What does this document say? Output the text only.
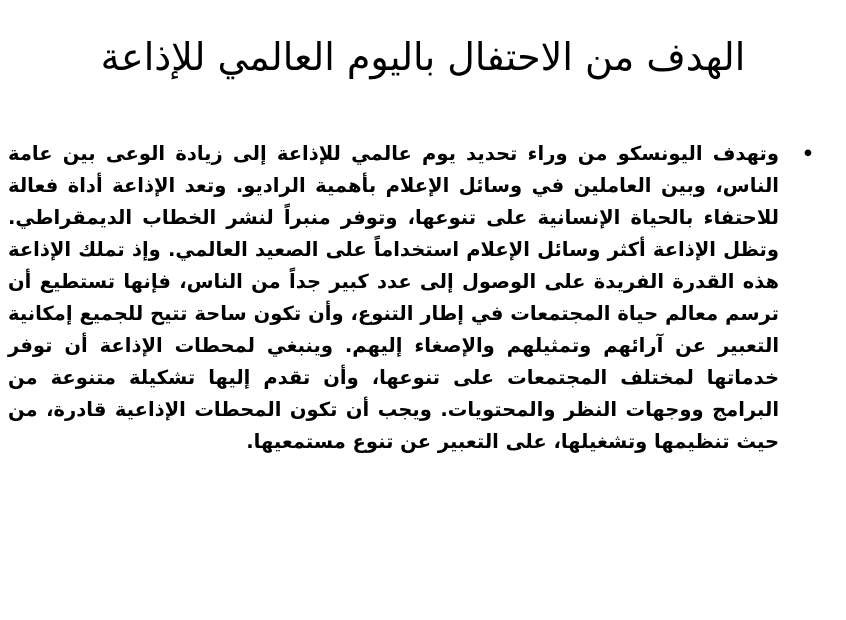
الهدف من الاحتفال باليوم العالمي للإذاعة
•
وتهدف اليونسكو من وراء تحديد يوم عالمي للإذاعة إلى زيادة الوعى بين عامة الناس، وبين العاملين في وسائل الإعلام بأهمية الراديو. وتعد الإذاعة أداة فعالة للاحتفاء بالحياة الإنسانية على تنوعها، وتوفر منبراً لنشر الخطاب الديمقراطي. وتظل الإذاعة أكثر وسائل الإعلام استخداماً على الصعيد العالمي. وإذ تملك الإذاعة هذه القدرة الفريدة على الوصول إلى عدد كبير جداً من الناس، فإنها تستطيع أن ترسم معالم حياة المجتمعات في إطار التنوع، وأن تكون ساحة تتيح للجميع إمكانية التعبير عن آرائهم وتمثيلهم والإصغاء إليهم. وينبغي لمحطات الإذاعة أن توفر خدماتها لمختلف المجتمعات على تنوعها، وأن تقدم إليها تشكيلة متنوعة من البرامج ووجهات النظر والمحتويات. ويجب أن تكون المحطات الإذاعية قادرة، من حيث تنظيمها وتشغيلها، على التعبير عن تنوع مستمعيها.
